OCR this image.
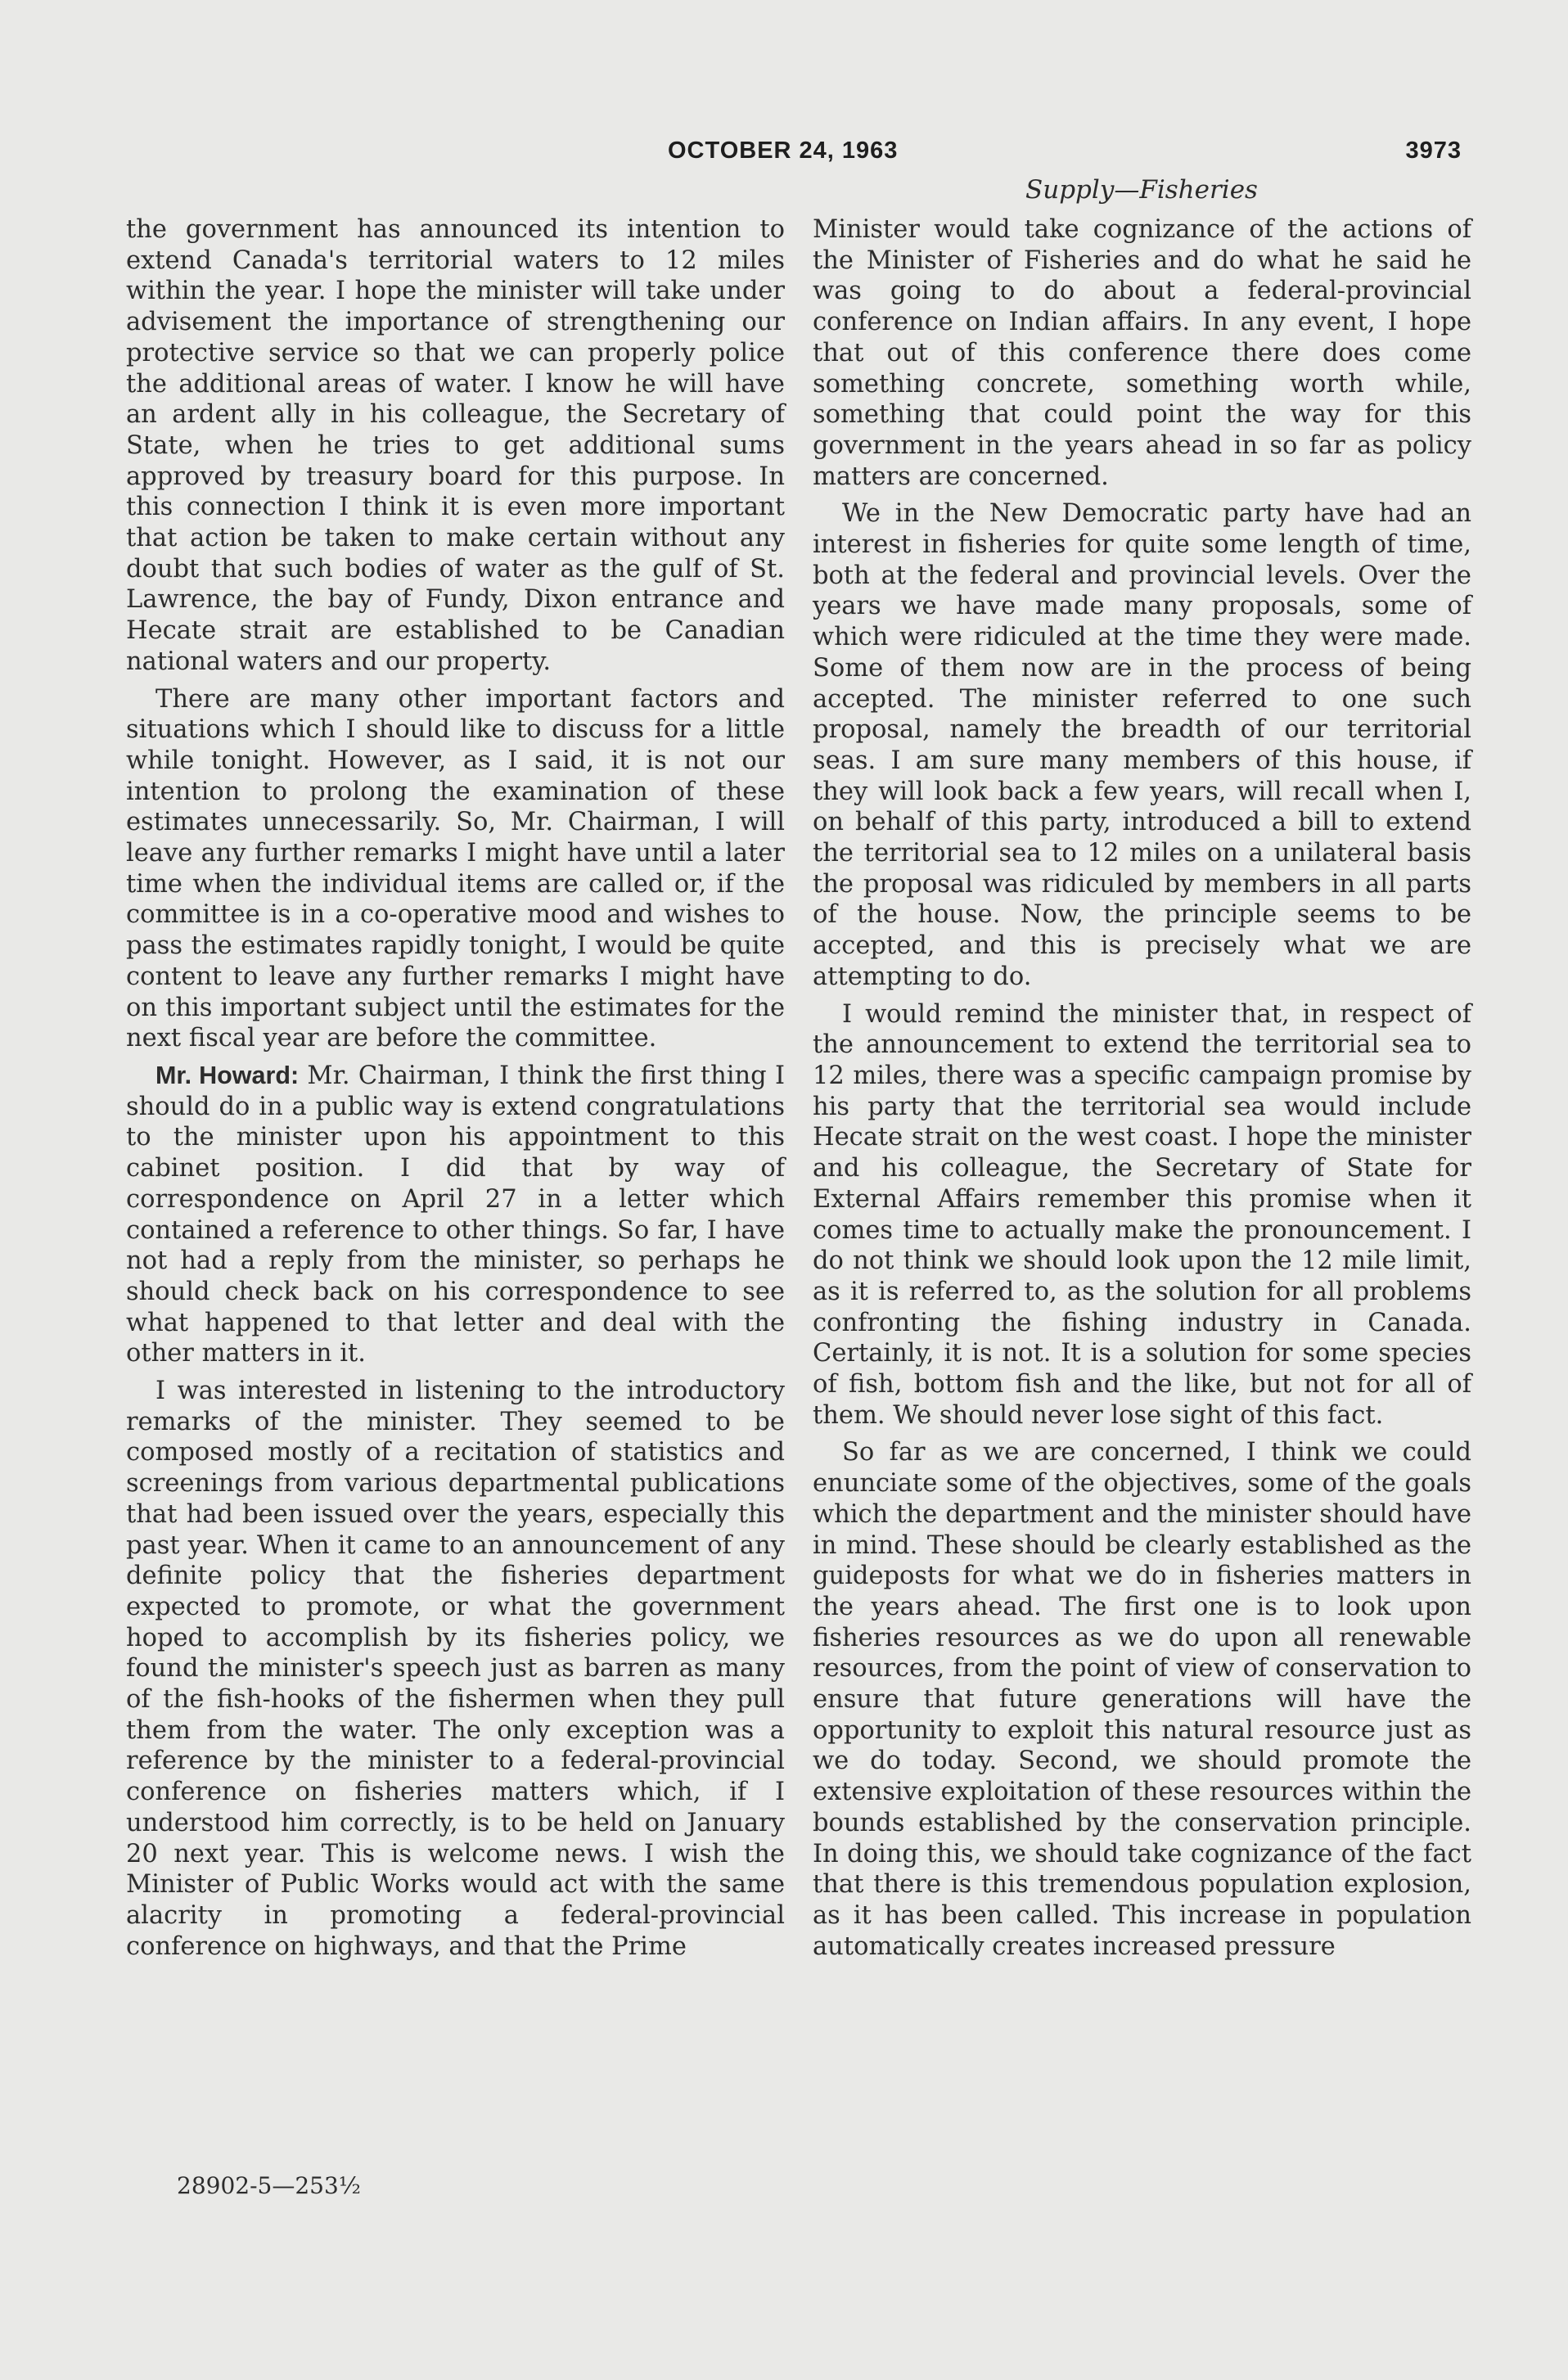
OCTOBER 24, 1963	3973
Supply—Fisheries

the government has announced its intention to extend Canada's territorial waters to 12 miles within the year. I hope the minister will take under advisement the importance of strengthening our protective service so that we can properly police the additional areas of water. I know he will have an ardent ally in his colleague, the Secretary of State, when he tries to get additional sums approved by treasury board for this purpose. In this connection I think it is even more important that action be taken to make certain without any doubt that such bodies of water as the gulf of St. Lawrence, the bay of Fundy, Dixon entrance and Hecate strait are established to be Canadian national waters and our property.

There are many other important factors and situations which I should like to discuss for a little while tonight. However, as I said, it is not our intention to prolong the examination of these estimates unnecessarily. So, Mr. Chairman, I will leave any further remarks I might have until a later time when the individual items are called or, if the committee is in a co-operative mood and wishes to pass the estimates rapidly tonight, I would be quite content to leave any further remarks I might have on this important subject until the estimates for the next fiscal year are before the committee.

Mr. Howard: Mr. Chairman, I think the first thing I should do in a public way is extend congratulations to the minister upon his appointment to this cabinet position. I did that by way of correspondence on April 27 in a letter which contained a reference to other things. So far, I have not had a reply from the minister, so perhaps he should check back on his correspondence to see what happened to that letter and deal with the other matters in it.

I was interested in listening to the introductory remarks of the minister. They seemed to be composed mostly of a recitation of statistics and screenings from various departmental publications that had been issued over the years, especially this past year. When it came to an announcement of any definite policy that the fisheries department expected to promote, or what the government hoped to accomplish by its fisheries policy, we found the minister's speech just as barren as many of the fish-hooks of the fishermen when they pull them from the water. The only exception was a reference by the minister to a federal-provincial conference on fisheries matters which, if I understood him correctly, is to be held on January 20 next year. This is welcome news. I wish the Minister of Public Works would act with the same alacrity in promoting a federal-provincial conference on highways, and that the Prime

Minister would take cognizance of the actions of the Minister of Fisheries and do what he said he was going to do about a federal-provincial conference on Indian affairs. In any event, I hope that out of this conference there does come something concrete, something worth while, something that could point the way for this government in the years ahead in so far as policy matters are concerned.

We in the New Democratic party have had an interest in fisheries for quite some length of time, both at the federal and provincial levels. Over the years we have made many proposals, some of which were ridiculed at the time they were made. Some of them now are in the process of being accepted. The minister referred to one such proposal, namely the breadth of our territorial seas. I am sure many members of this house, if they will look back a few years, will recall when I, on behalf of this party, introduced a bill to extend the territorial sea to 12 miles on a unilateral basis the proposal was ridiculed by members in all parts of the house. Now, the principle seems to be accepted, and this is precisely what we are attempting to do.

I would remind the minister that, in respect of the announcement to extend the territorial sea to 12 miles, there was a specific campaign promise by his party that the territorial sea would include Hecate strait on the west coast. I hope the minister and his colleague, the Secretary of State for External Affairs remember this promise when it comes time to actually make the pronouncement. I do not think we should look upon the 12 mile limit, as it is referred to, as the solution for all problems confronting the fishing industry in Canada. Certainly, it is not. It is a solution for some species of fish, bottom fish and the like, but not for all of them. We should never lose sight of this fact.

So far as we are concerned, I think we could enunciate some of the objectives, some of the goals which the department and the minister should have in mind. These should be clearly established as the guideposts for what we do in fisheries matters in the years ahead. The first one is to look upon fisheries resources as we do upon all renewable resources, from the point of view of conservation to ensure that future generations will have the opportunity to exploit this natural resource just as we do today. Second, we should promote the extensive exploitation of these resources within the bounds established by the conservation principle. In doing this, we should take cognizance of the fact that there is this tremendous population explosion, as it has been called. This increase in population automatically creates increased pressure

28902-5—253½
